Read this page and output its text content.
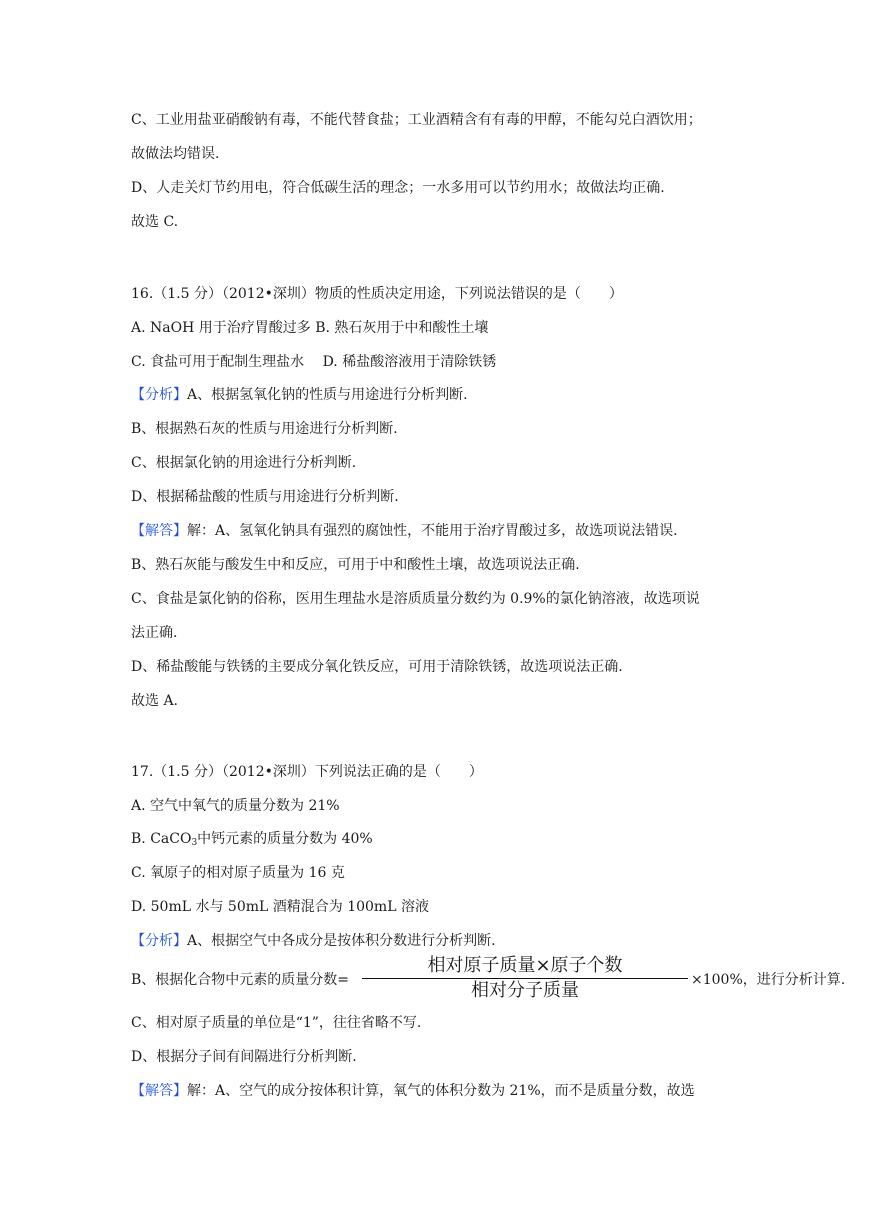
C、工业用盐亚硝酸钠有毒，不能代替食盐；工业酒精含有有毒的甲醇，不能勾兑白酒饮用；
故做法均错误.
D、人走关灯节约用电，符合低碳生活的理念；一水多用可以节约用水；故做法均正确.
故选 C.
16.（1.5 分）（2012•深圳）物质的性质决定用途，下列说法错误的是（　　）
A. NaOH 用于治疗胃酸过多 B. 熟石灰用于中和酸性土壤
C. 食盐可用于配制生理盐水　 D. 稀盐酸溶液用于清除铁锈
【分析】A、根据氢氧化钠的性质与用途进行分析判断.
B、根据熟石灰的性质与用途进行分析判断.
C、根据氯化钠的用途进行分析判断.
D、根据稀盐酸的性质与用途进行分析判断.
【解答】解：A、氢氧化钠具有强烈的腐蚀性，不能用于治疗胃酸过多，故选项说法错误.
B、熟石灰能与酸发生中和反应，可用于中和酸性土壤，故选项说法正确.
C、食盐是氯化钠的俗称，医用生理盐水是溶质质量分数约为 0.9%的氯化钠溶液，故选项说
法正确.
D、稀盐酸能与铁锈的主要成分氧化铁反应，可用于清除铁锈，故选项说法正确.
故选 A.
17.（1.5 分）（2012•深圳）下列说法正确的是（　　）
A. 空气中氧气的质量分数为 21%
B. CaCO$_3$中钙元素的质量分数为 40%
C. 氧原子的相对原子质量为 16 克
D. 50mL 水与 50mL 酒精混合为 100mL 溶液
【分析】A、根据空气中各成分是按体积分数进行分析判断.
B、根据化合物中元素的质量分数=
相对原子质量×原子个数
相对分子质量	×100%，进行分析计算.
C、相对原子质量的单位是“1”，往往省略不写.
D、根据分子间有间隔进行分析判断.
【解答】解：A、空气的成分按体积计算，氧气的体积分数为 21%，而不是质量分数，故选
